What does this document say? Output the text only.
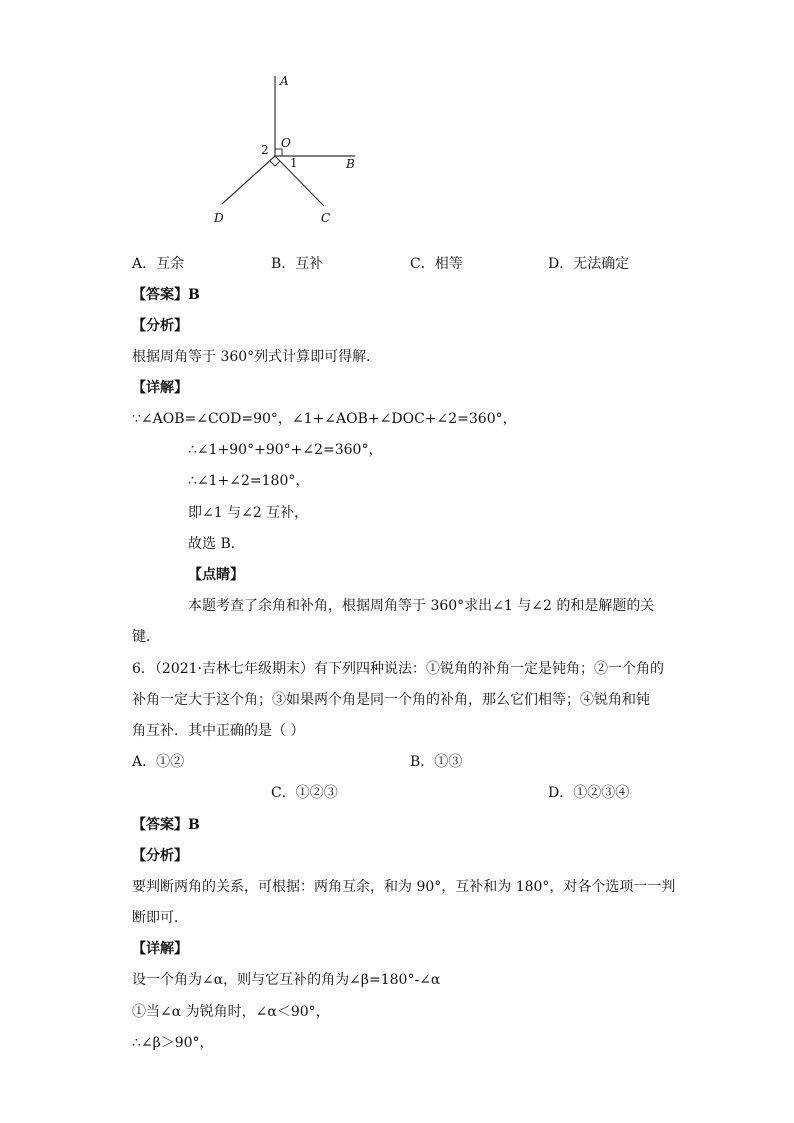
A
O
B
C
D
1
2
A．互余	B．互补	C．相等	D．无法确定
【答案】B
【分析】
根据周角等于 360°列式计算即可得解．
【详解】
∵∠AOB=∠COD=90°，∠1+∠AOB+∠DOC+∠2=360°，
∴∠1+90°+90°+∠2=360°，
∴∠1+∠2=180°，
即∠1 与∠2 互补，
故选 B．
【点睛】
本题考查了余角和补角，根据周角等于 360°求出∠1 与∠2 的和是解题的关
键．
6．（2021·吉林七年级期末）有下列四种说法：①锐角的补角一定是钝角；②一个角的
补角一定大于这个角；③如果两个角是同一个角的补角，那么它们相等；④锐角和钝
角互补．其中正确的是（ ）
A．①②	B．①③
C．①②③	D．①②③④
【答案】B
【分析】
要判断两角的关系，可根据：两角互余，和为 90°，互补和为 180°，对各个选项一一判
断即可．
【详解】
设一个角为∠α，则与它互补的角为∠β=180°-∠α
①当∠α 为锐角时，∠α＜90°，
∴∠β＞90°，
